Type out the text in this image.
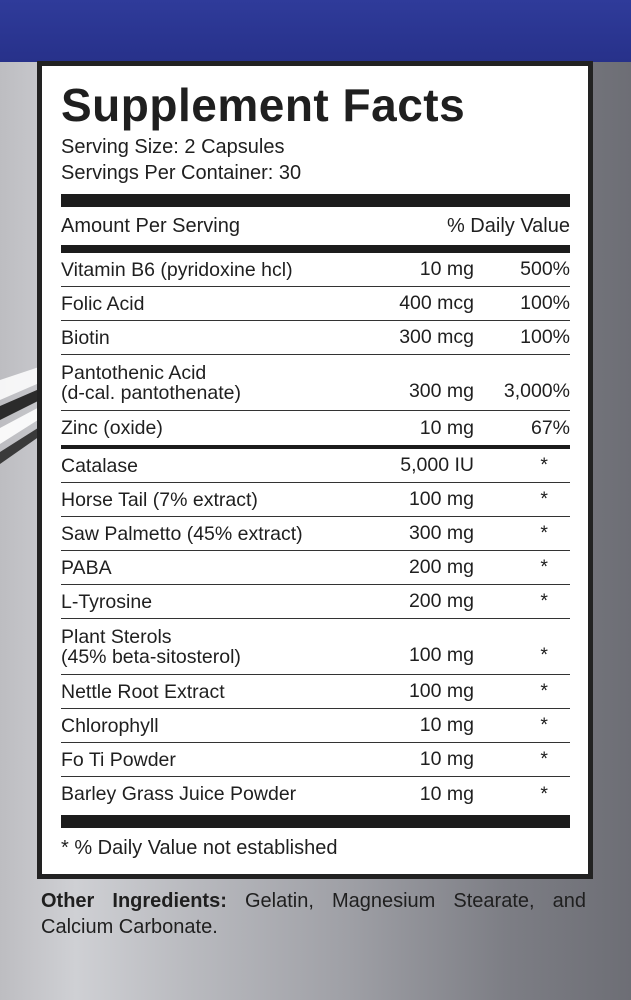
Supplement Facts
Serving Size: 2 Capsules
Servings Per Container: 30
Amount Per Serving	% Daily Value
Vitamin B6 (pyridoxine hcl)	10 mg	500%
Folic Acid	400 mcg	100%
Biotin	300 mcg	100%
Pantothenic Acid
(d-cal. pantothenate)	300 mg	3,000%
Zinc (oxide)	10 mg	67%
Catalase	5,000 IU	*
Horse Tail (7% extract)	100 mg	*
Saw Palmetto (45% extract)	300 mg	*
PABA	200 mg	*
L-Tyrosine	200 mg	*
Plant Sterols
(45% beta-sitosterol)	100 mg	*
Nettle Root Extract	100 mg	*
Chlorophyll	10 mg	*
Fo Ti Powder	10 mg	*
Barley Grass Juice Powder	10 mg	*
* % Daily Value not established
Other Ingredients: Gelatin, Magnesium Stearate, and Calcium Carbonate.
